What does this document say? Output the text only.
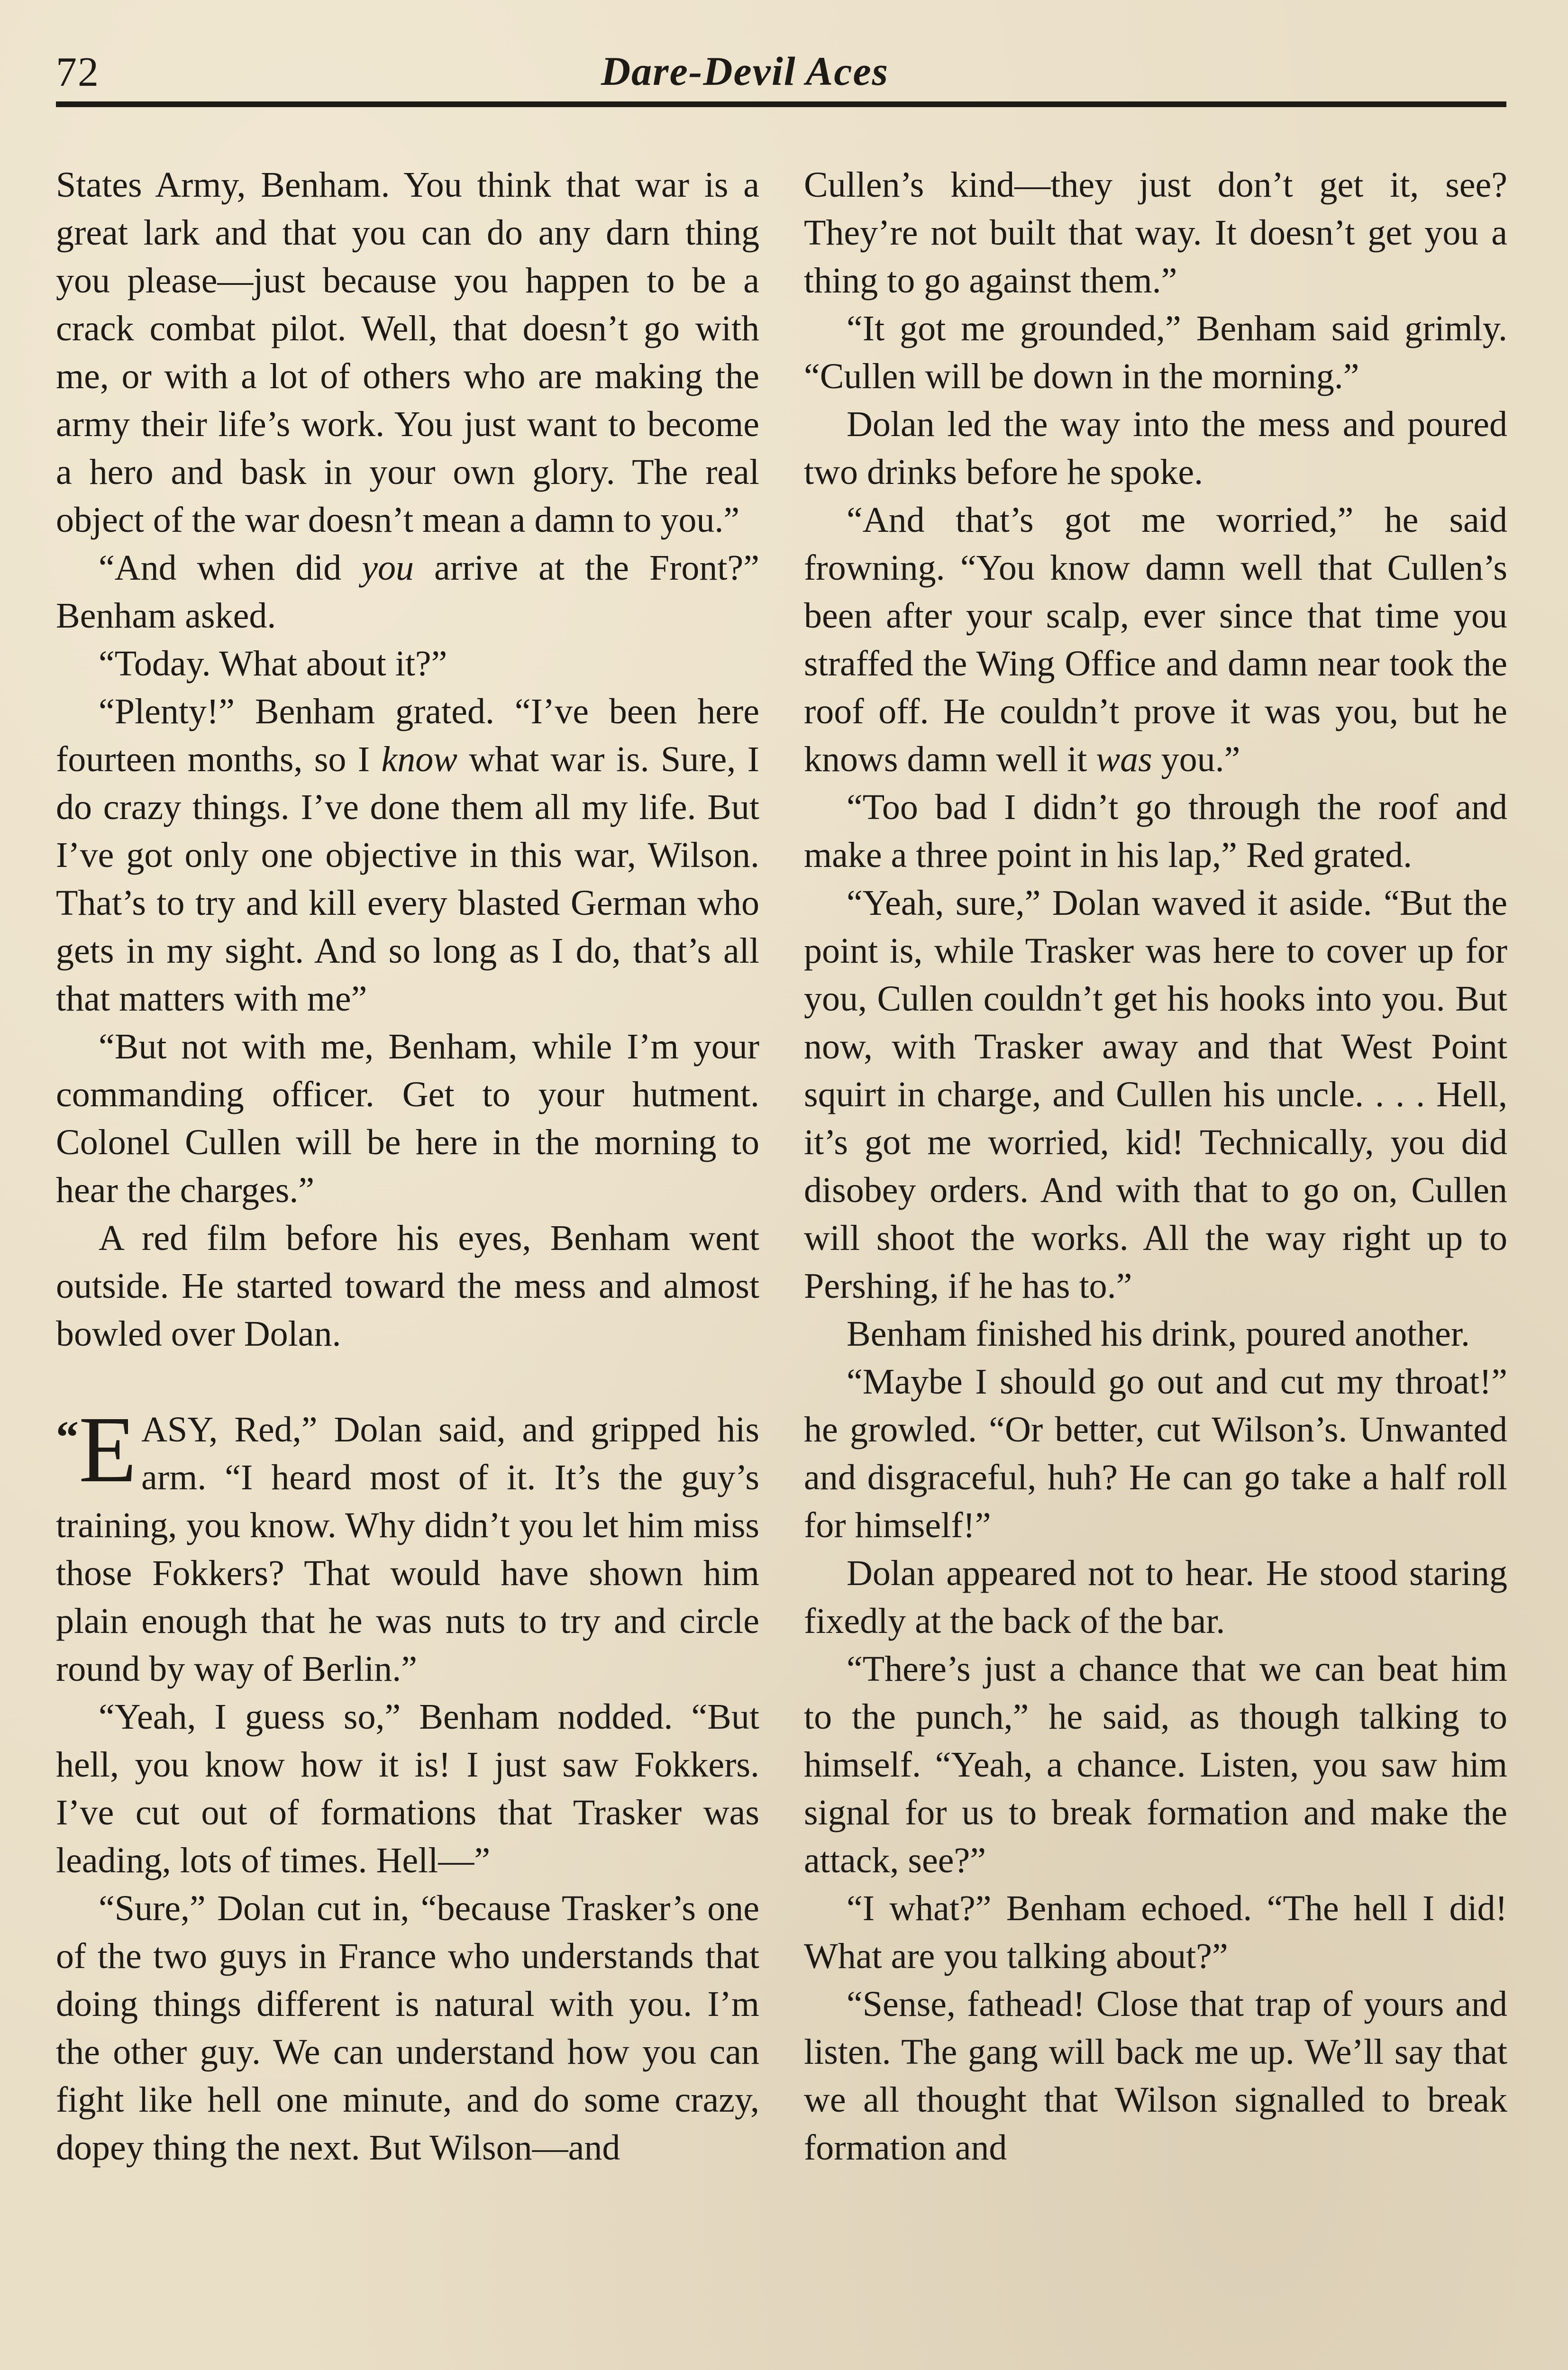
72	Dare-Devil Aces

States Army, Benham. You think that war is a great lark and that you can do any darn thing you please—just because you happen to be a crack combat pilot. Well, that doesn’t go with me, or with a lot of others who are making the army their life’s work. You just want to become a hero and bask in your own glory. The real object of the war doesn’t mean a damn to you.”

“And when did you arrive at the Front?” Benham asked.

“Today. What about it?”

“Plenty!” Benham grated. “I’ve been here fourteen months, so I know what war is. Sure, I do crazy things. I’ve done them all my life. But I’ve got only one objective in this war, Wilson. That’s to try and kill every blasted German who gets in my sight. And so long as I do, that’s all that matters with me”

“But not with me, Benham, while I’m your commanding officer. Get to your hutment. Colonel Cullen will be here in the morning to hear the charges.”

A red film before his eyes, Benham went outside. He started toward the mess and almost bowled over Dolan.

“ E ASY, Red,” Dolan said, and gripped his arm. “I heard most of it. It’s the guy’s training, you know. Why didn’t you let him miss those Fokkers? That would have shown him plain enough that he was nuts to try and circle round by way of Berlin.”

“Yeah, I guess so,” Benham nodded. “But hell, you know how it is! I just saw Fokkers. I’ve cut out of formations that Trasker was leading, lots of times. Hell—”

“Sure,” Dolan cut in, “because Trasker’s one of the two guys in France who understands that doing things different is natural with you. I’m the other guy. We can understand how you can fight like hell one minute, and do some crazy, dopey thing the next. But Wilson—and

Cullen’s kind—they just don’t get it, see? They’re not built that way. It doesn’t get you a thing to go against them.”

“It got me grounded,” Benham said grimly. “Cullen will be down in the morning.”

Dolan led the way into the mess and poured two drinks before he spoke.

“And that’s got me worried,” he said frowning. “You know damn well that Cullen’s been after your scalp, ever since that time you straffed the Wing Office and damn near took the roof off. He couldn’t prove it was you, but he knows damn well it was you.”

“Too bad I didn’t go through the roof and make a three point in his lap,” Red grated.

“Yeah, sure,” Dolan waved it aside. “But the point is, while Trasker was here to cover up for you, Cullen couldn’t get his hooks into you. But now, with Trasker away and that West Point squirt in charge, and Cullen his uncle. . . . Hell, it’s got me worried, kid! Technically, you did disobey orders. And with that to go on, Cullen will shoot the works. All the way right up to Pershing, if he has to.”

Benham finished his drink, poured another.

“Maybe I should go out and cut my throat!” he growled. “Or better, cut Wilson’s. Unwanted and disgraceful, huh? He can go take a half roll for himself!”

Dolan appeared not to hear. He stood staring fixedly at the back of the bar.

“There’s just a chance that we can beat him to the punch,” he said, as though talking to himself. “Yeah, a chance. Listen, you saw him signal for us to break formation and make the attack, see?”

“I what?” Benham echoed. “The hell I did! What are you talking about?”

“Sense, fathead! Close that trap of yours and listen. The gang will back me up. We’ll say that we all thought that Wilson signalled to break formation and
